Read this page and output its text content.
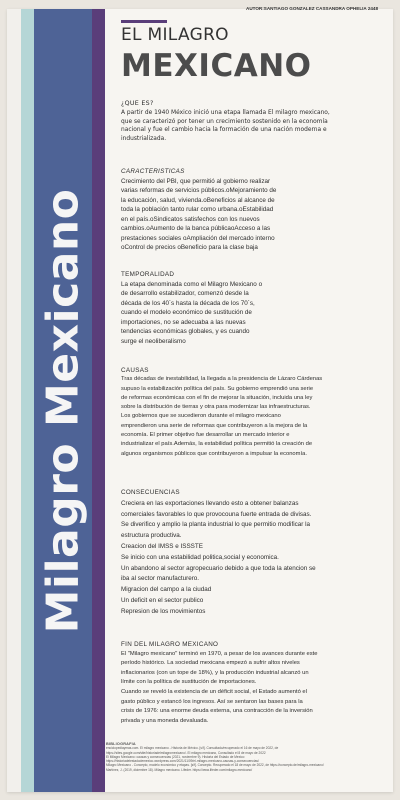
Milagro Mexicano
AUTOR:SANTIAGO GONZALEZ CASSANDRA OPHELIA 2448
EL MILAGRO
MEXICANO
¿QUE ES?

A partir de 1940 México inició una etapa llamada El milagro mexicano,

que se caracterizó por tener un crecimiento sostenido en la economía

nacional y fue el cambio hacia la formación de una nación moderna e

industrializada.

CARACTERISTICAS

Crecimiento del PBI, que permitió al gobierno realizar

varias reformas de servicios públicos.oMejoramiento de

la educación, salud, vivienda.oBeneficios al alcance de

toda la población tanto rular como urbana.oEstabilidad

en el país.oSindicatos satisfechos con los nuevos

cambios.oAumento de la banca públicaoAcceso a las

prestaciones sociales oAmpliación del mercado interno

oControl de precios oBeneficio para la clase baja

TEMPORALIDAD

La etapa denominada como el Milagro Mexicano o

de desarrollo estabilizador, comenzó desde la

década de los 40´s hasta la década de los 70´s,

cuando el modelo económico de sustitución de

importaciones, no se adecuaba a las nuevas

tendencias económicas globales, y es cuando

surge el neoliberalismo

CAUSAS

Tras décadas de inestabilidad, la llegada a la presidencia de Lázaro Cárdenas

supuso la estabilización política del país. Su gobierno emprendió una serie

de reformas económicas con el fin de mejorar la situación, incluida una ley

sobre la distribución de tierras y otra para modernizar las infraestructuras.

Los gobiernos que se sucedieron durante el milagro mexicano

emprendieron una serie de reformas que contribuyeron a la mejora de la

economía. El primer objetivo fue desarrollar un mercado interior e

industrializar el país.Además, la estabilidad política permitió la creación de

algunos organismos públicos que contribuyeron a impulsar la economía.

CONSECUENCIAS

Creciera en las exportaciones llevando esto a obtener balanzas

comerciales favorables lo que provocouna fuerte entrada de divisas.

Se diverifico y amplio la planta industrial lo que permitio modificar la

estructura productiva.

Creacion del IMSS e ISSSTE

Se inicio con una estabilidad politica,social y economica.

Un abandono al sector agropecuario debido a que toda la atencion se

iba al sector manufacturero.

Migracion del campo a la ciudad

Un deficit en el sector publico

Represion de los movimientos

FIN DEL MILAGRO MEXICANO

El "Milagro mexicano" terminó en 1970, a pesar de los avances durante este

período histórico. La sociedad mexicana empezó a sufrir altos niveles

inflacionarios (con un tope de 18%), y la producción industrial alcanzó un

límite con la política de sustitución de importaciones.

Cuando se reveló la existencia de un déficit social, el Estado aumentó el

gasto público y estancó los ingresos. Así se sentaron las bases para la

crisis de 1976: una enorme deuda externa, una contracción de la inversión

privada y una moneda devaluada.

BIBLIOGRAFIA
enciclopediaymas.com. El milagro mexicano - Historia de México. [s/f]. Consultado/recuperado el 16 de mayo de 2022, de
https://sites.google.com/site/historiadelmilagromexicano/. El milagro mexicano, Consultado el 8 de mayo de 2022
El Milagro Mexicano: causas y consecuencias (2021, noviembre 9). Historia del Estado de Mexico
https://historiadelestadodemexico.wordpress.com/2021/11/09/el-milagro-mexicano-causas-y-consecuencias/
Milagro Mexicano - Concepto, modelo económico y etapas. [s/f]. Concepto. Recuperado el 18 de mayo de 2022, de https://concepto.de/milagro-mexicano/
Martínez, J. (2019, diciembre 18). Milagro mexicano. Lifeder. https://www.lifeder.com/milagro-mexicano/
